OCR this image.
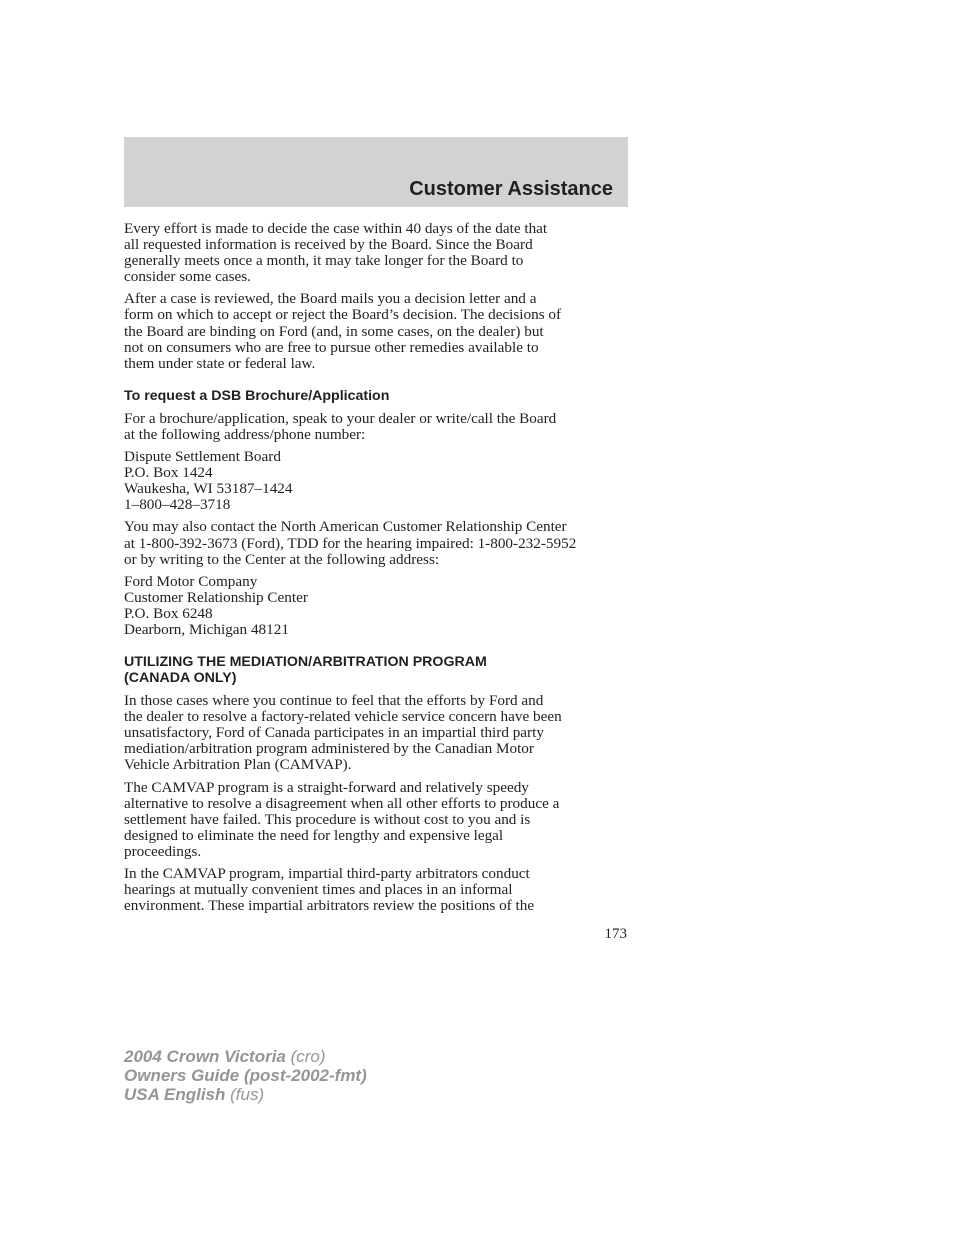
Customer Assistance

Every effort is made to decide the case within 40 days of the date that
all requested information is received by the Board. Since the Board
generally meets once a month, it may take longer for the Board to
consider some cases.

After a case is reviewed, the Board mails you a decision letter and a
form on which to accept or reject the Board’s decision. The decisions of
the Board are binding on Ford (and, in some cases, on the dealer) but
not on consumers who are free to pursue other remedies available to
them under state or federal law.

To request a DSB Brochure/Application

For a brochure/application, speak to your dealer or write/call the Board
at the following address/phone number:

Dispute Settlement Board
P.O. Box 1424
Waukesha, WI 53187–1424
1–800–428–3718

You may also contact the North American Customer Relationship Center
at 1-800-392-3673 (Ford), TDD for the hearing impaired: 1-800-232-5952
or by writing to the Center at the following address:

Ford Motor Company
Customer Relationship Center
P.O. Box 6248
Dearborn, Michigan 48121

UTILIZING THE MEDIATION/ARBITRATION PROGRAM
(CANADA ONLY)

In those cases where you continue to feel that the efforts by Ford and
the dealer to resolve a factory-related vehicle service concern have been
unsatisfactory, Ford of Canada participates in an impartial third party
mediation/arbitration program administered by the Canadian Motor
Vehicle Arbitration Plan (CAMVAP).

The CAMVAP program is a straight-forward and relatively speedy
alternative to resolve a disagreement when all other efforts to produce a
settlement have failed. This procedure is without cost to you and is
designed to eliminate the need for lengthy and expensive legal
proceedings.

In the CAMVAP program, impartial third-party arbitrators conduct
hearings at mutually convenient times and places in an informal
environment. These impartial arbitrators review the positions of the

173
2004 Crown Victoria (cro)
Owners Guide (post-2002-fmt)
USA English (fus)
